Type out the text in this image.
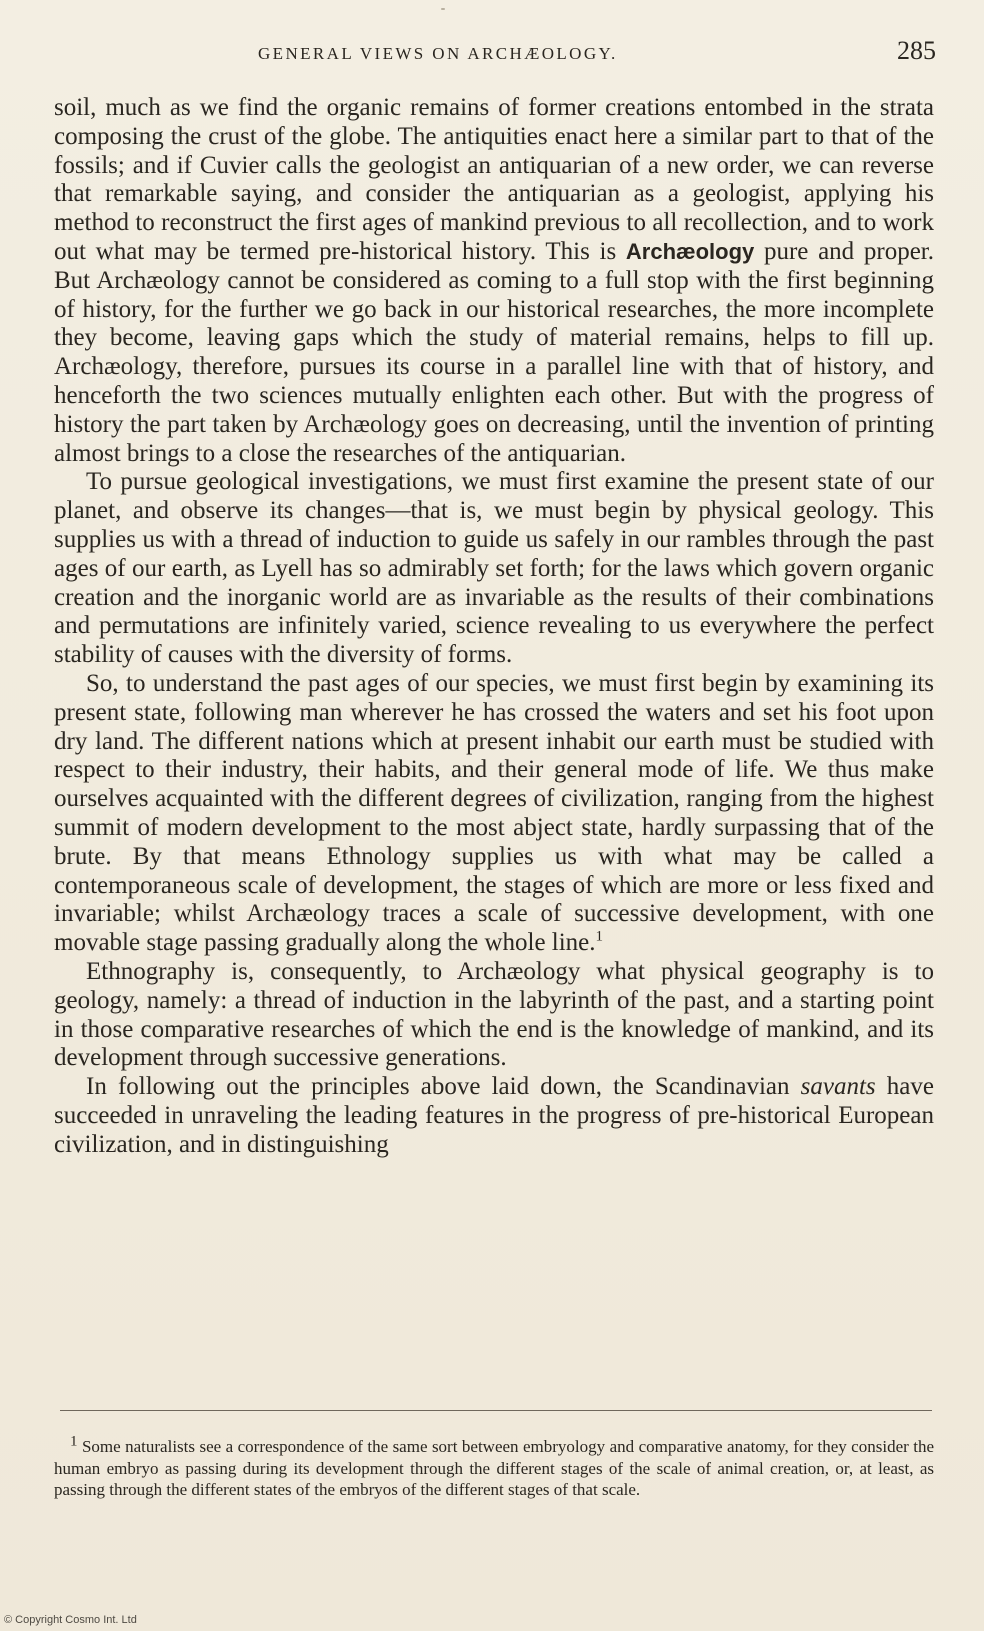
GENERAL VIEWS ON ARCHÆOLOGY.	285

soil, much as we find the organic remains of former creations entombed in the strata composing the crust of the globe. The antiquities enact here a similar part to that of the fossils; and if Cuvier calls the geologist an antiquarian of a new order, we can reverse that remarkable saying, and consider the antiquarian as a geologist, applying his method to reconstruct the first ages of mankind previous to all recollection, and to work out what may be termed pre-historical history. This is Archæology pure and proper. But Archæology cannot be considered as coming to a full stop with the first beginning of history, for the further we go back in our historical researches, the more incomplete they become, leaving gaps which the study of material remains, helps to fill up. Archæology, therefore, pursues its course in a parallel line with that of history, and henceforth the two sciences mutually enlighten each other. But with the progress of history the part taken by Archæology goes on decreasing, until the invention of printing almost brings to a close the researches of the antiquarian.

To pursue geological investigations, we must first examine the present state of our planet, and observe its changes—that is, we must begin by physical geology. This supplies us with a thread of induction to guide us safely in our rambles through the past ages of our earth, as Lyell has so admirably set forth; for the laws which govern organic creation and the inorganic world are as invariable as the results of their combinations and permutations are infinitely varied, science revealing to us everywhere the perfect stability of causes with the diversity of forms.

So, to understand the past ages of our species, we must first begin by examining its present state, following man wherever he has crossed the waters and set his foot upon dry land. The different nations which at present inhabit our earth must be studied with respect to their industry, their habits, and their general mode of life. We thus make ourselves acquainted with the different degrees of civilization, ranging from the highest summit of modern development to the most abject state, hardly surpassing that of the brute. By that means Ethnology supplies us with what may be called a contemporaneous scale of development, the stages of which are more or less fixed and invariable; whilst Archæology traces a scale of successive development, with one movable stage passing gradually along the whole line.$^1$

Ethnography is, consequently, to Archæology what physical geography is to geology, namely: a thread of induction in the labyrinth of the past, and a starting point in those comparative researches of which the end is the knowledge of mankind, and its development through successive generations.

In following out the principles above laid down, the Scandinavian savants have succeeded in unraveling the leading features in the progress of pre-historical European civilization, and in distinguishing

$^1$ Some naturalists see a correspondence of the same sort between embryology and comparative anatomy, for they consider the human embryo as passing during its development through the different stages of the scale of animal creation, or, at least, as passing through the different states of the embryos of the different stages of that scale.

© Copyright Cosmo Int. Ltd
